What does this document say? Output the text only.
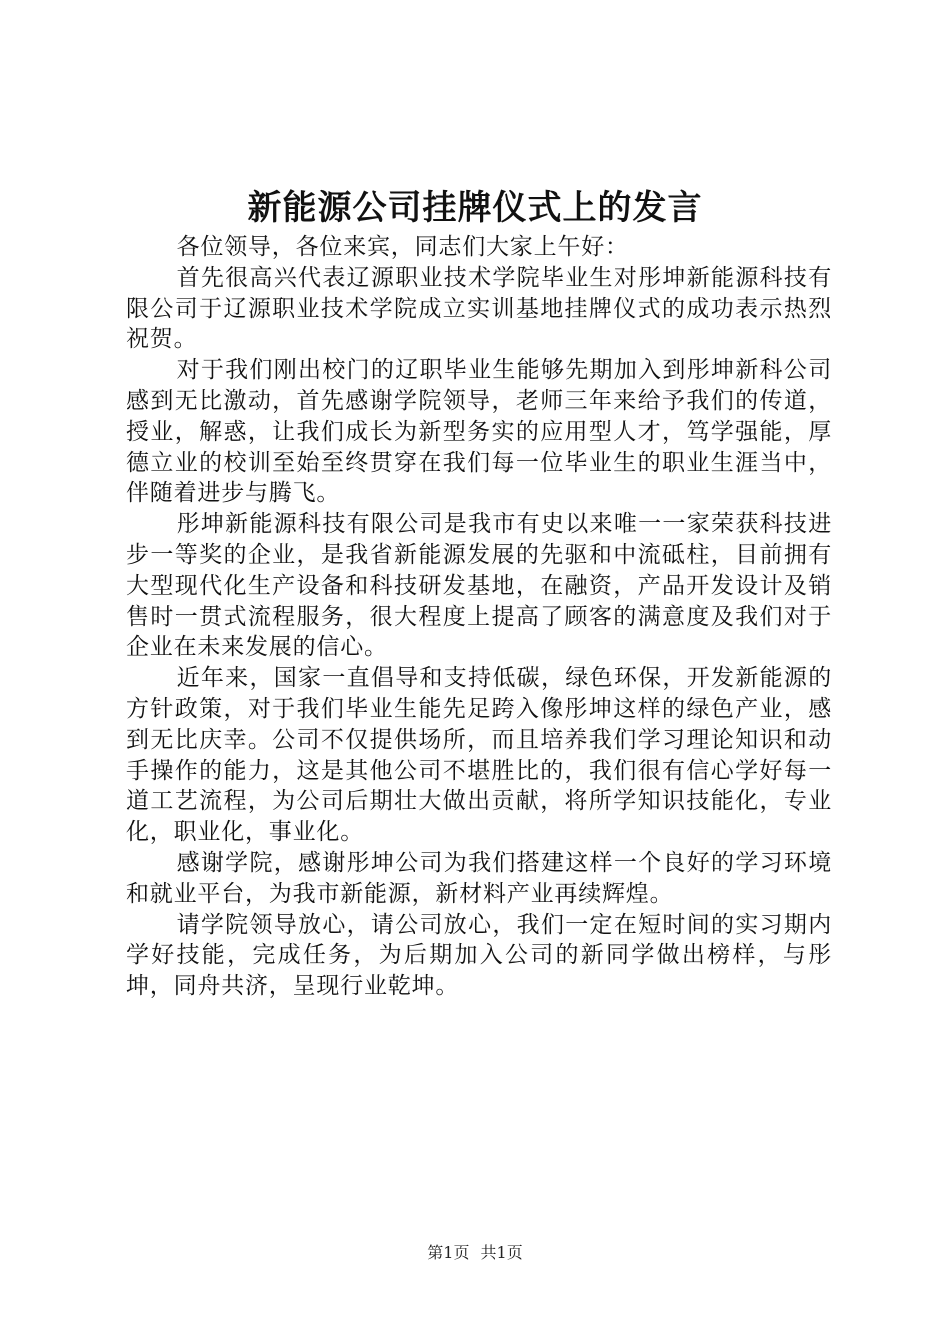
新能源公司挂牌仪式上的发言

各位领导，各位来宾，同志们大家上午好：

首先很高兴代表辽源职业技术学院毕业生对彤坤新能源科技有限公司于辽源职业技术学院成立实训基地挂牌仪式的成功表示热烈祝贺。

对于我们刚出校门的辽职毕业生能够先期加入到彤坤新科公司感到无比激动，首先感谢学院领导，老师三年来给予我们的传道，授业，解惑，让我们成长为新型务实的应用型人才，笃学强能，厚德立业的校训至始至终贯穿在我们每一位毕业生的职业生涯当中，伴随着进步与腾飞。

彤坤新能源科技有限公司是我市有史以来唯一一家荣获科技进步一等奖的企业，是我省新能源发展的先驱和中流砥柱，目前拥有大型现代化生产设备和科技研发基地，在融资，产品开发设计及销售时一贯式流程服务，很大程度上提高了顾客的满意度及我们对于企业在未来发展的信心。

近年来，国家一直倡导和支持低碳，绿色环保，开发新能源的方针政策，对于我们毕业生能先足跨入像彤坤这样的绿色产业，感到无比庆幸。公司不仅提供场所，而且培养我们学习理论知识和动手操作的能力，这是其他公司不堪胜比的，我们很有信心学好每一道工艺流程，为公司后期壮大做出贡献，将所学知识技能化，专业化，职业化，事业化。

感谢学院，感谢彤坤公司为我们搭建这样一个良好的学习环境和就业平台，为我市新能源，新材料产业再续辉煌。

请学院领导放心，请公司放心，我们一定在短时间的实习期内学好技能，完成任务，为后期加入公司的新同学做出榜样，与彤坤，同舟共济，呈现行业乾坤。

第1页 共1页
